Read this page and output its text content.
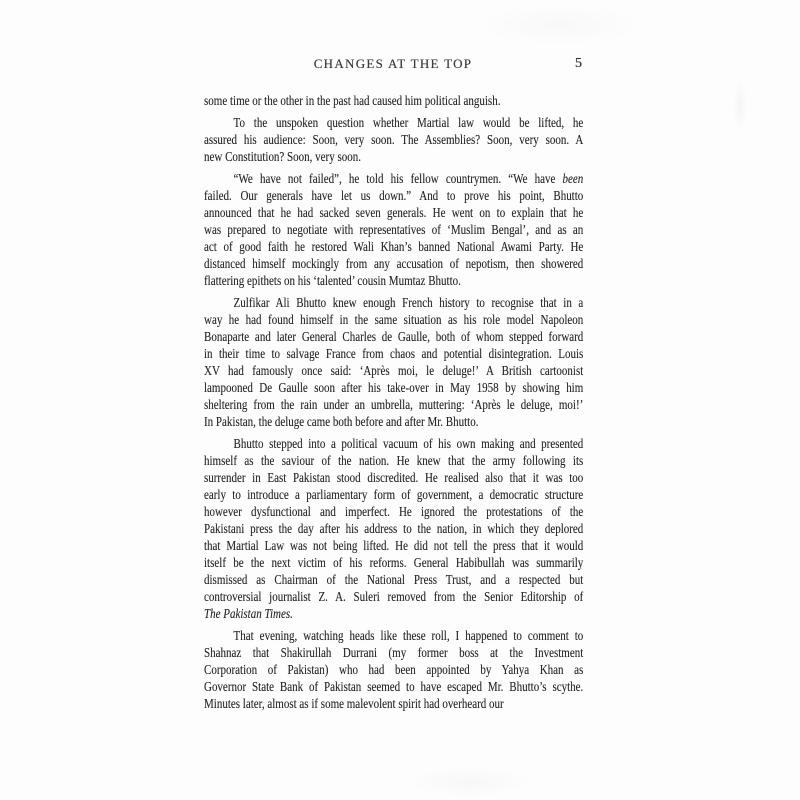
CHANGES AT THE TOP	5
some time or the other in the past had caused him political anguish.
To the unspoken question whether Martial law would be lifted, he
assured his audience: Soon, very soon. The Assemblies? Soon, very soon. A
new Constitution? Soon, very soon.
“We have not failed”, he told his fellow countrymen. “We have been
failed. Our generals have let us down.” And to prove his point, Bhutto
announced that he had sacked seven generals. He went on to explain that he
was prepared to negotiate with representatives of ‘Muslim Bengal’, and as an
act of good faith he restored Wali Khan’s banned National Awami Party. He
distanced himself mockingly from any accusation of nepotism, then showered
flattering epithets on his ‘talented’ cousin Mumtaz Bhutto.
Zulfikar Ali Bhutto knew enough French history to recognise that in a
way he had found himself in the same situation as his role model Napoleon
Bonaparte and later General Charles de Gaulle, both of whom stepped forward
in their time to salvage France from chaos and potential disintegration. Louis
XV had famously once said: ‘Après moi, le deluge!’ A British cartoonist
lampooned De Gaulle soon after his take-over in May 1958 by showing him
sheltering from the rain under an umbrella, muttering: ‘Après le deluge, moi!’
In Pakistan, the deluge came both before and after Mr. Bhutto.
Bhutto stepped into a political vacuum of his own making and presented
himself as the saviour of the nation. He knew that the army following its
surrender in East Pakistan stood discredited. He realised also that it was too
early to introduce a parliamentary form of government, a democratic structure
however dysfunctional and imperfect. He ignored the protestations of the
Pakistani press the day after his address to the nation, in which they deplored
that Martial Law was not being lifted. He did not tell the press that it would
itself be the next victim of his reforms. General Habibullah was summarily
dismissed as Chairman of the National Press Trust, and a respected but
controversial journalist Z. A. Suleri removed from the Senior Editorship of
The Pakistan Times.
That evening, watching heads like these roll, I happened to comment to
Shahnaz that Shakirullah Durrani (my former boss at the Investment
Corporation of Pakistan) who had been appointed by Yahya Khan as
Governor State Bank of Pakistan seemed to have escaped Mr. Bhutto’s scythe.
Minutes later, almost as if some malevolent spirit had overheard our
